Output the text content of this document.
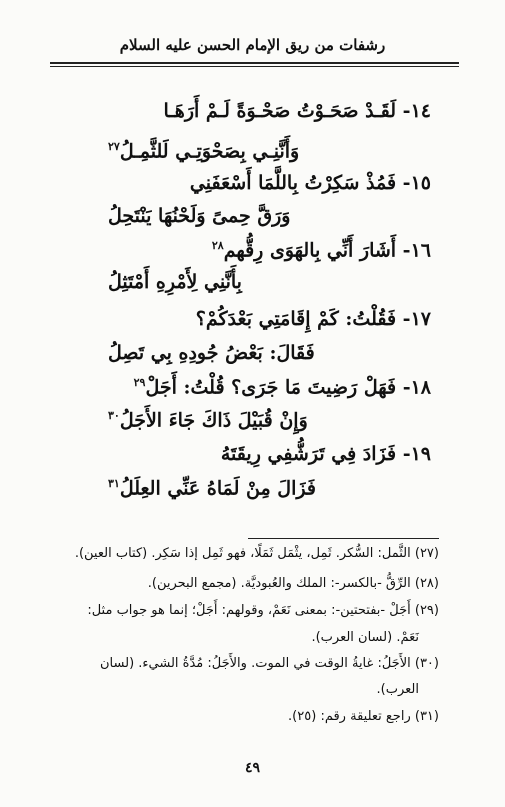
رشفات من ريق الإمام الحسن عليه السلام
١٤- لَقَـدْ صَحَـوْتُ صَحْـوَةً لَـمْ أَرَهَـا
وَأَنَّنِـي بِصَحْوَتِـي لَلثَّمِـلُ$^{٢٧}$
١٥- فَمُذْ سَكِرْتُ بِاللَّمَا أَسْعَفَنِي
وَرَقَّ حِمىً وَلَحْنُهَا يَنْتَحِلُ
١٦- أَشَارَ أَنِّي بِالهَوَى رِقُّهم$^{٢٨}$
بِأَنَّنِي لِأَمْرِهِ أَمْتَثِلُ
١٧- فَقُلْتُ: كَمْ إِقَامَتِي بَعْدَكُمْ؟
فَقَالَ: بَعْضُ جُودِهِ بِي تَصِلُ
١٨- فَهَلْ رَضِيتَ مَا جَرَى؟ قُلْتُ: أَجَلْ$^{٢٩}$
وَإِنْ قُبَيْلَ ذَاكَ جَاءَ الأَجَلُ$^{٣٠}$
١٩- فَزَادَ فِي تَرَشُّفِي رِيقَتَهُ
فَزَالَ مِنْ لَمَاهُ عَنِّي العِلَلُ$^{٣١}$
(٢٧) الثَّمل: السُّكر. ثَمِل، يثْمَل ثَمَلًا، فهو ثَمِل إذا سَكِر. (كتاب العين).
(٢٨) الرِّقُّ -بالكسر-: الملك والعُبوديَّة. (مجمع البحرين).
(٢٩) أَجَلْ -بفتحتين-: بمعنى نَعَمْ، وقولهم: أَجَلْ؛ إنما هو جواب مثل:
نَعَمْ. (لسان العرب).
(٣٠) الأَجَلُ: غايةُ الوقت في الموت. والأَجَلُ: مُدَّةُ الشيء. (لسان
العرب).
(٣١) راجع تعليقة رقم: (٢٥).
٤٩
